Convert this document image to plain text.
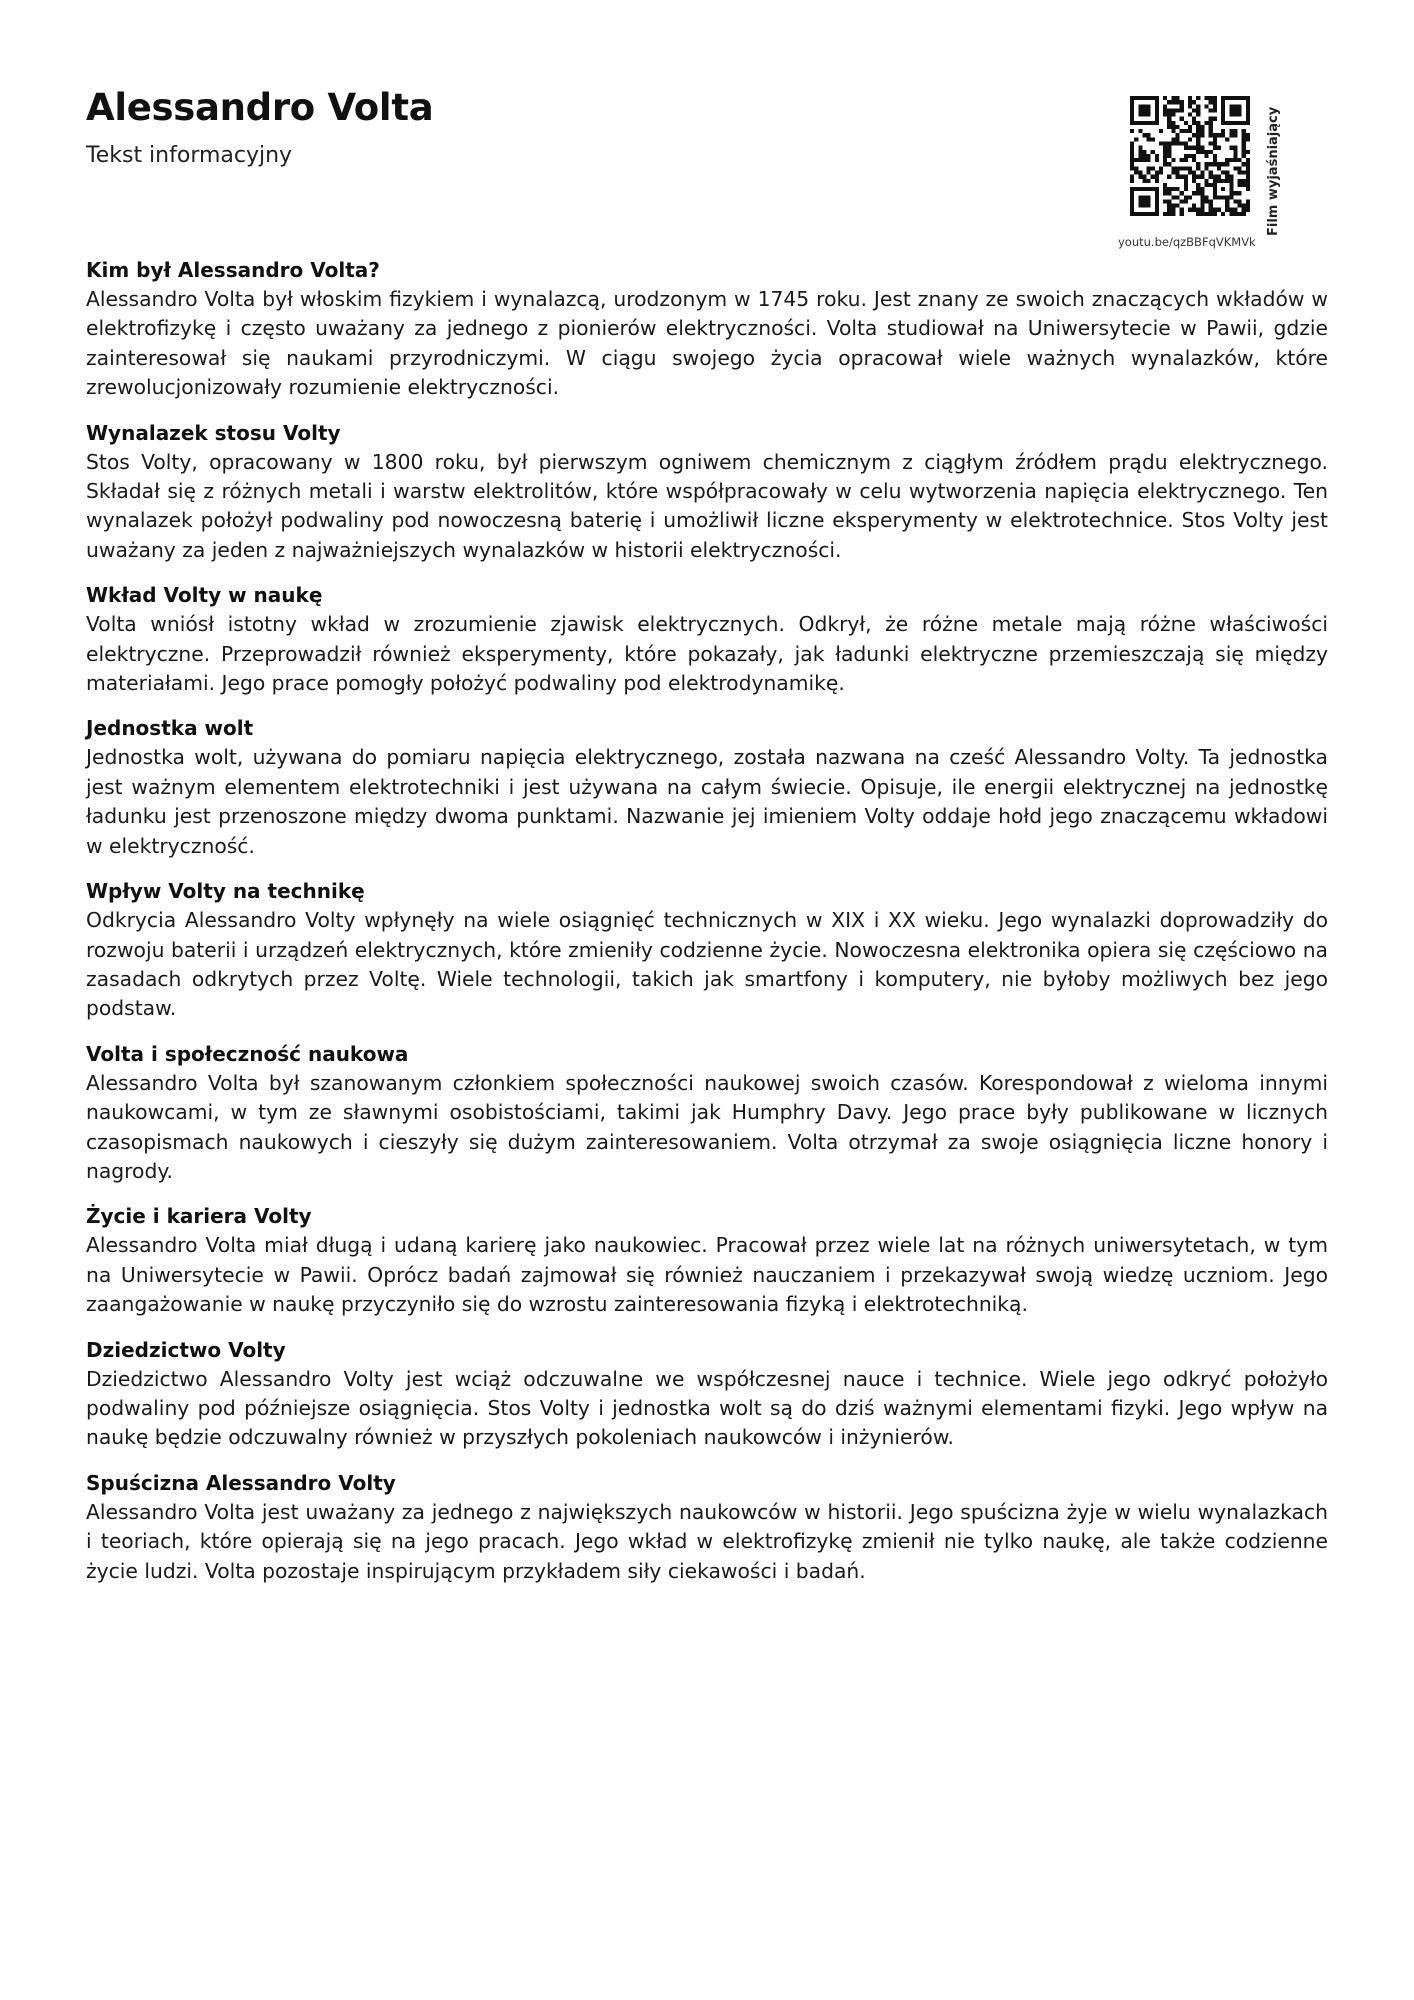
Alessandro Volta
Tekst informacyjny	Film wyjaśniający
youtu.be/qzBBFqVKMVk
Kim był Alessandro Volta?

Alessandro Volta był włoskim fizykiem i wynalazcą, urodzonym w 1745 roku. Jest znany ze swoich znaczących wkładów w elektrofizykę i często uważany za jednego z pionierów elektryczności. Volta studiował na Uniwersytecie w Pawii, gdzie zainteresował się naukami przyrodniczymi. W ciągu swojego życia opracował wiele ważnych wynalazków, które zrewolucjonizowały rozumienie elektryczności.

Wynalazek stosu Volty

Stos Volty, opracowany w 1800 roku, był pierwszym ogniwem chemicznym z ciągłym źródłem prądu elektrycznego. Składał się z różnych metali i warstw elektrolitów, które współpracowały w celu wytworzenia napięcia elektrycznego. Ten wynalazek położył podwaliny pod nowoczesną baterię i umożliwił liczne eksperymenty w elektrotechnice. Stos Volty jest uważany za jeden z najważniejszych wynalazków w historii elektryczności.

Wkład Volty w naukę

Volta wniósł istotny wkład w zrozumienie zjawisk elektrycznych. Odkrył, że różne metale mają różne właściwości elektryczne. Przeprowadził również eksperymenty, które pokazały, jak ładunki elektryczne przemieszczają się między materiałami. Jego prace pomogły położyć podwaliny pod elektrodynamikę.

Jednostka wolt

Jednostka wolt, używana do pomiaru napięcia elektrycznego, została nazwana na cześć Alessandro Volty. Ta jednostka jest ważnym elementem elektrotechniki i jest używana na całym świecie. Opisuje, ile energii elektrycznej na jednostkę ładunku jest przenoszone między dwoma punktami. Nazwanie jej imieniem Volty oddaje hołd jego znaczącemu wkładowi w elektryczność.

Wpływ Volty na technikę

Odkrycia Alessandro Volty wpłynęły na wiele osiągnięć technicznych w XIX i XX wieku. Jego wynalazki doprowadziły do rozwoju baterii i urządzeń elektrycznych, które zmieniły codzienne życie. Nowoczesna elektronika opiera się częściowo na zasadach odkrytych przez Voltę. Wiele technologii, takich jak smartfony i komputery, nie byłoby możliwych bez jego podstaw.

Volta i społeczność naukowa

Alessandro Volta był szanowanym członkiem społeczności naukowej swoich czasów. Korespondował z wieloma innymi naukowcami, w tym ze sławnymi osobistościami, takimi jak Humphry Davy. Jego prace były publikowane w licznych czasopismach naukowych i cieszyły się dużym zainteresowaniem. Volta otrzymał za swoje osiągnięcia liczne honory i nagrody.

Życie i kariera Volty

Alessandro Volta miał długą i udaną karierę jako naukowiec. Pracował przez wiele lat na różnych uniwersytetach, w tym na Uniwersytecie w Pawii. Oprócz badań zajmował się również nauczaniem i przekazywał swoją wiedzę uczniom. Jego zaangażowanie w naukę przyczyniło się do wzrostu zainteresowania fizyką i elektrotechniką.

Dziedzictwo Volty

Dziedzictwo Alessandro Volty jest wciąż odczuwalne we współczesnej nauce i technice. Wiele jego odkryć położyło podwaliny pod późniejsze osiągnięcia. Stos Volty i jednostka wolt są do dziś ważnymi elementami fizyki. Jego wpływ na naukę będzie odczuwalny również w przyszłych pokoleniach naukowców i inżynierów.

Spuścizna Alessandro Volty

Alessandro Volta jest uważany za jednego z największych naukowców w historii. Jego spuścizna żyje w wielu wynalazkach i teoriach, które opierają się na jego pracach. Jego wkład w elektrofizykę zmienił nie tylko naukę, ale także codzienne życie ludzi. Volta pozostaje inspirującym przykładem siły ciekawości i badań.
